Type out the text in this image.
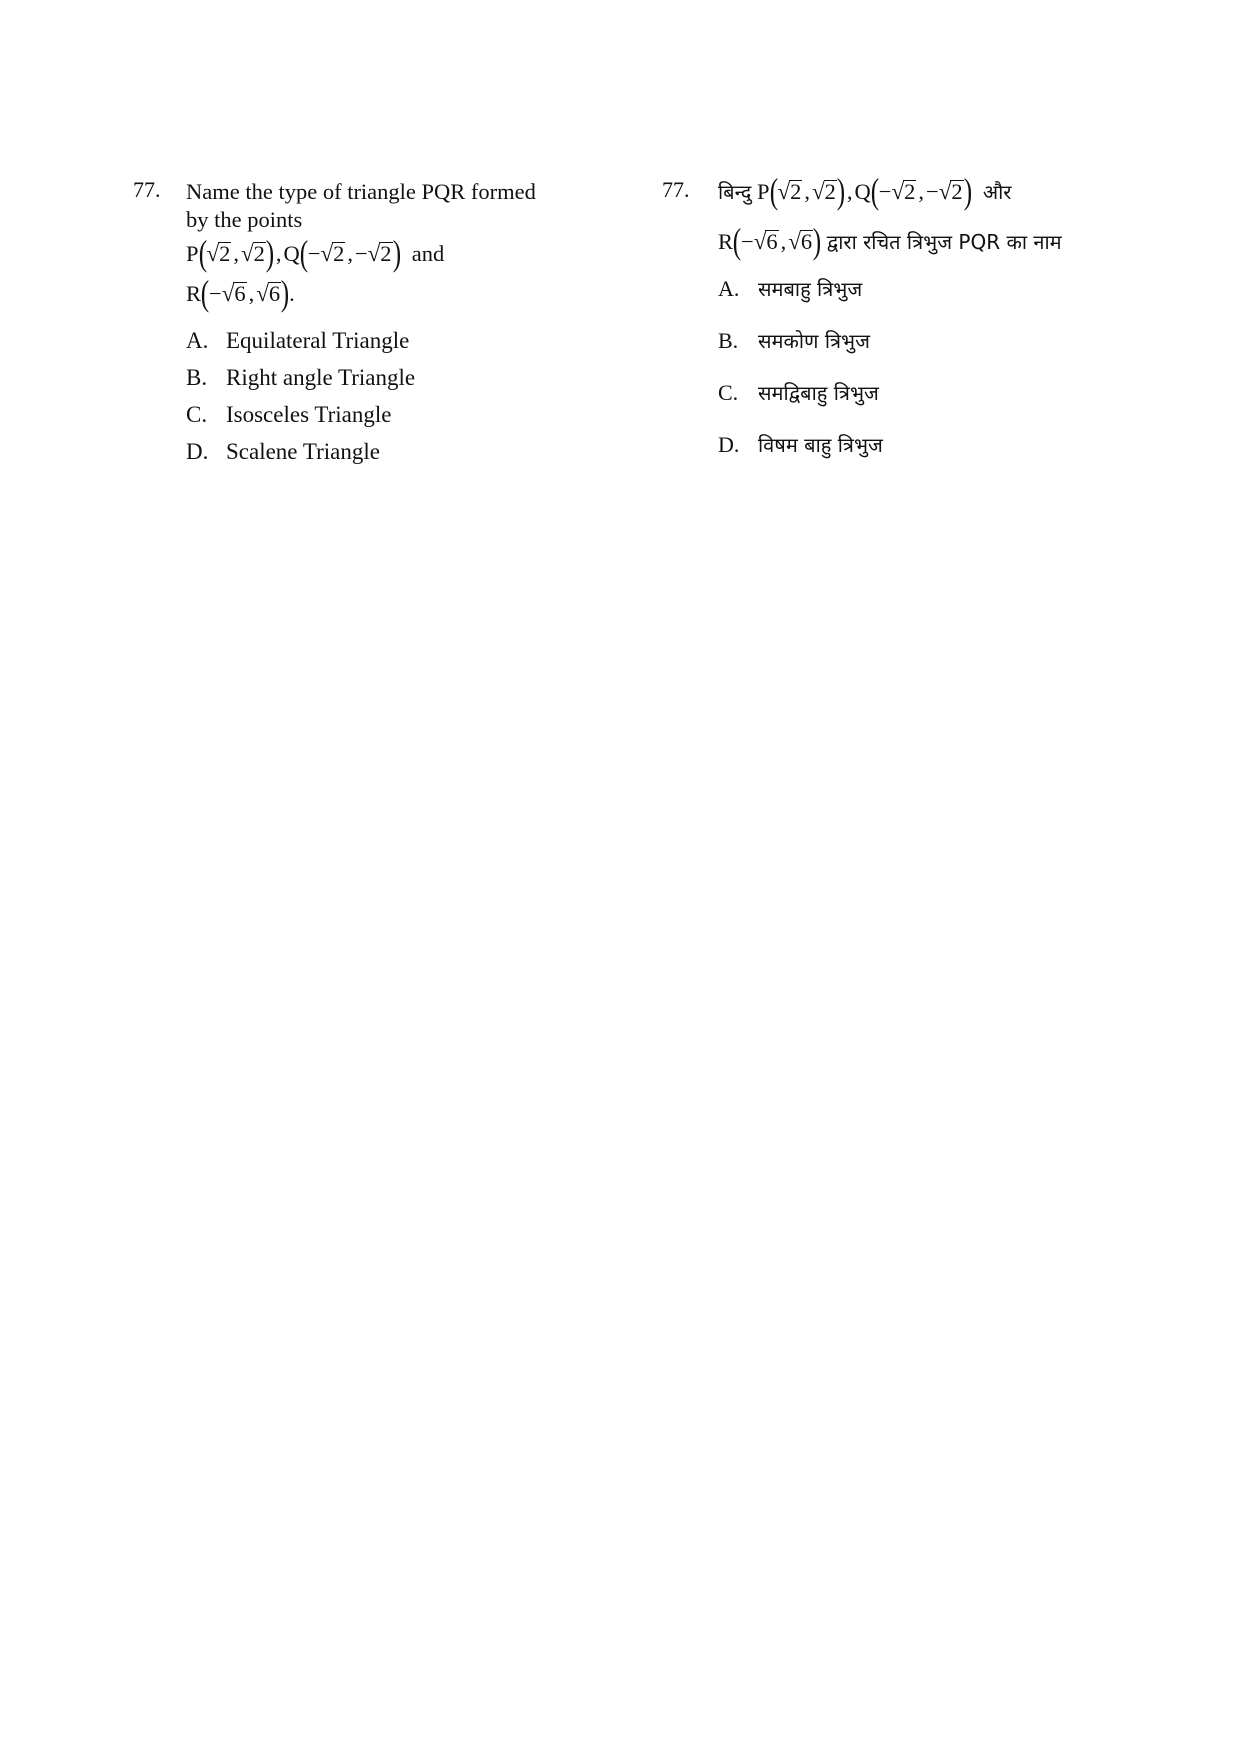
77. Name the type of triangle PQR formed
by the points
P(√2 ,√2),Q(−√2 ,−√2) and
R(−√6 ,√6).
A. Equilateral Triangle
B. Right angle Triangle
C. Isosceles Triangle
D. Scalene Triangle
77. बिन्दु P(√2 ,√2),Q(−√2 ,−√2) और
R(−√6 ,√6) द्वारा रचित त्रिभुज PQR का नाम
A. समबाहु त्रिभुज
B. समकोण त्रिभुज
C. समद्विबाहु त्रिभुज
D. विषम बाहु त्रिभुज
